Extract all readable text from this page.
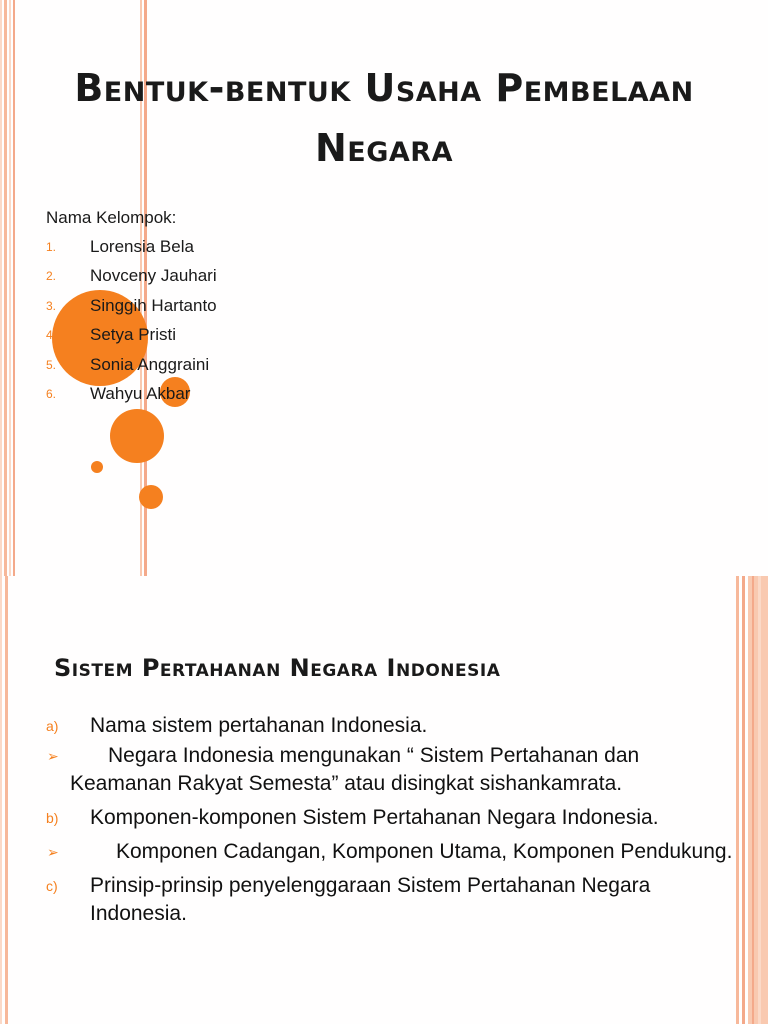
Bentuk-bentuk Usaha Pembelaan Negara

Nama Kelompok:

1.	Lorensia Bela
2.	Novceny Jauhari
3.	Singgih Hartanto
4.	Setya Pristi
5.	Sonia Anggraini
6.	Wahyu Akbar
Sistem Pertahanan Negara Indonesia
a) Nama sistem pertahanan Indonesia.
➢	Negara Indonesia mengunakan “ Sistem Pertahanan dan Keamanan Rakyat Semesta” atau disingkat sishankamrata.
b) Komponen-komponen Sistem Pertahanan Negara Indonesia.
➢	Komponen Cadangan, Komponen Utama, Komponen Pendukung.
c) Prinsip-prinsip penyelenggaraan Sistem Pertahanan Negara Indonesia.
